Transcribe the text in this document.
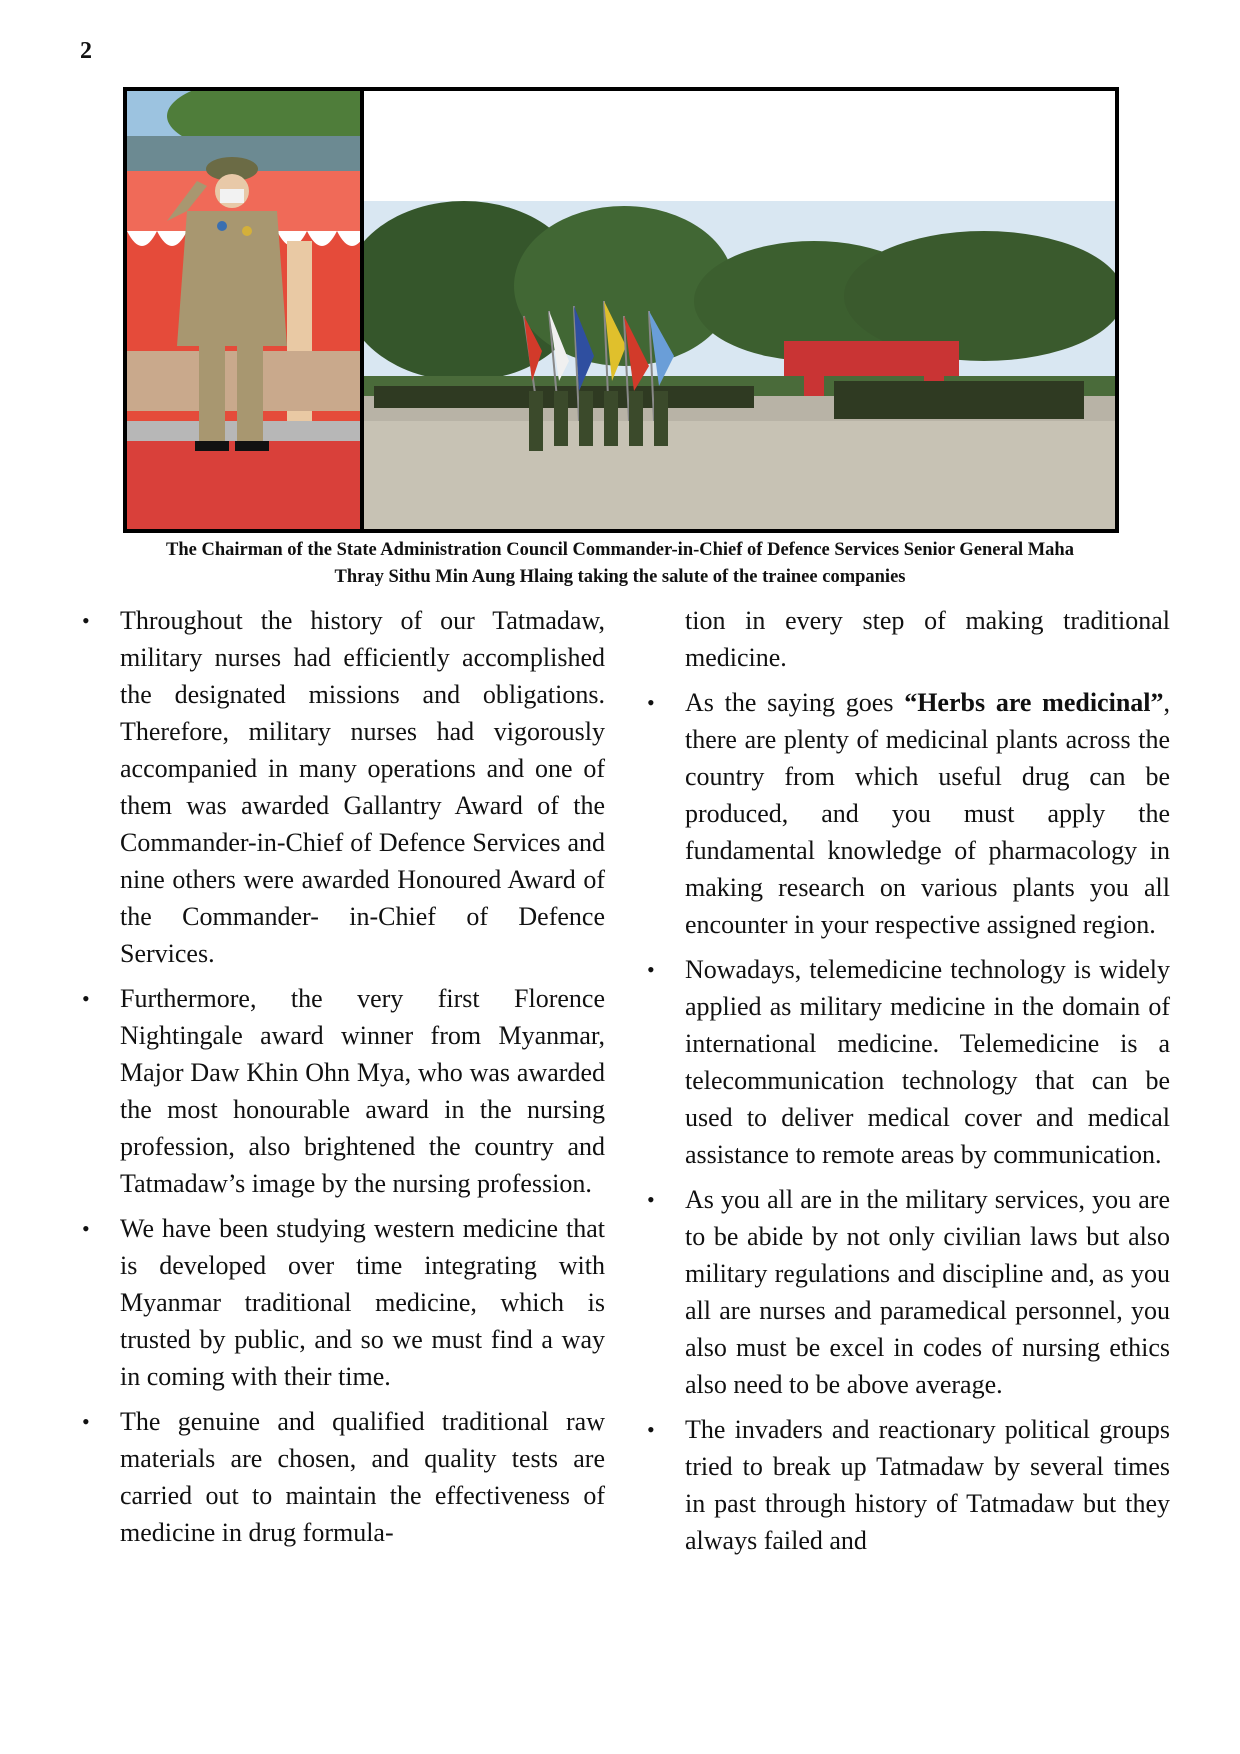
2
The Chairman of the State Administration Council Commander-in-Chief of Defence Services Senior General Maha
Thray Sithu Min Aung Hlaing taking the salute of the trainee companies
• Throughout the history of our Tatmadaw, military nurses had efficiently accomplished the designated missions and obligations. Therefore, military nurses had vigorously accompanied in many operations and one of them was awarded Gallantry Award of the Commander-in-Chief of Defence Services and nine others were awarded Honoured Award of the Commander- in-Chief of Defence Services.
• Furthermore, the very first Florence Nightingale award winner from Myanmar, Major Daw Khin Ohn Mya, who was awarded the most honourable award in the nursing profession, also brightened the country and Tatmadaw’s image by the nursing profession.
• We have been studying western medicine that is developed over time integrating with Myanmar traditional medicine, which is trusted by public, and so we must find a way in coming with their time.
• The genuine and qualified traditional raw materials are chosen, and quality tests are carried out to maintain the effectiveness of medicine in drug formula-
tion in every step of making traditional medicine.
• As the saying goes “Herbs are medicinal”, there are plenty of medicinal plants across the country from which useful drug can be produced, and you must apply the fundamental knowledge of pharmacology in making research on various plants you all encounter in your respective assigned region.
• Nowadays, telemedicine technology is widely applied as military medicine in the domain of international medicine. Telemedicine is a telecommunication technology that can be used to deliver medical cover and medical assistance to remote areas by communication.
• As you all are in the military services, you are to be abide by not only civilian laws but also military regulations and discipline and, as you all are nurses and paramedical personnel, you also must be excel in codes of nursing ethics also need to be above average.
• The invaders and reactionary political groups tried to break up Tatmadaw by several times in past through history of Tatmadaw but they always failed and
